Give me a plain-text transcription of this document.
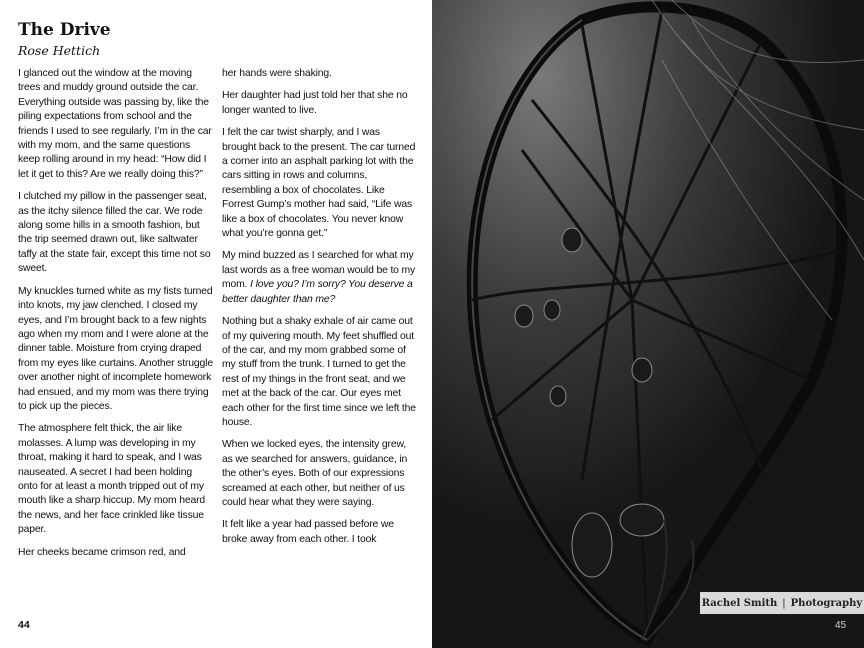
The Drive
Rose Hettich

I glanced out the window at the moving trees and muddy ground outside the car. Everything outside was passing by, like the piling expectations from school and the friends I used to see regularly. I’m in the car with my mom, and the same questions keep rolling around in my head: “How did I let it get to this? Are we really doing this?”

I clutched my pillow in the passenger seat, as the itchy silence filled the car. We rode along some hills in a smooth fashion, but the trip seemed drawn out, like saltwater taffy at the state fair, except this time not so sweet.

My knuckles turned white as my fists turned into knots, my jaw clenched. I closed my eyes, and I’m brought back to a few nights ago when my mom and I were alone at the dinner table. Moisture from crying draped from my eyes like curtains. Another struggle over another night of incomplete homework had ensued, and my mom was there trying to pick up the pieces.

The atmosphere felt thick, the air like molasses. A lump was developing in my throat, making it hard to speak, and I was nauseated. A secret I had been holding onto for at least a month tripped out of my mouth like a sharp hiccup. My mom heard the news, and her face crinkled like tissue paper.

Her cheeks became crimson red, and

her hands were shaking.

Her daughter had just told her that she no longer wanted to live.

I felt the car twist sharply, and I was brought back to the present. The car turned a corner into an asphalt parking lot with the cars sitting in rows and columns, resembling a box of chocolates. Like Forrest Gump’s mother had said, “Life was like a box of chocolates. You never know what you’re gonna get.”

My mind buzzed as I searched for what my last words as a free woman would be to my mom. I love you? I’m sorry? You deserve a better daughter than me?

Nothing but a shaky exhale of air came out of my quivering mouth. My feet shuffled out of the car, and my mom grabbed some of my stuff from the trunk. I turned to get the rest of my things in the front seat, and we met at the back of the car. Our eyes met each other for the first time since we left the house.

When we locked eyes, the intensity grew, as we searched for answers, guidance, in the other’s eyes. Both of our expressions screamed at each other, but neither of us could hear what they were saying.

It felt like a year had passed before we broke away from each other. I took

44
Rachel Smith | Photography
45
